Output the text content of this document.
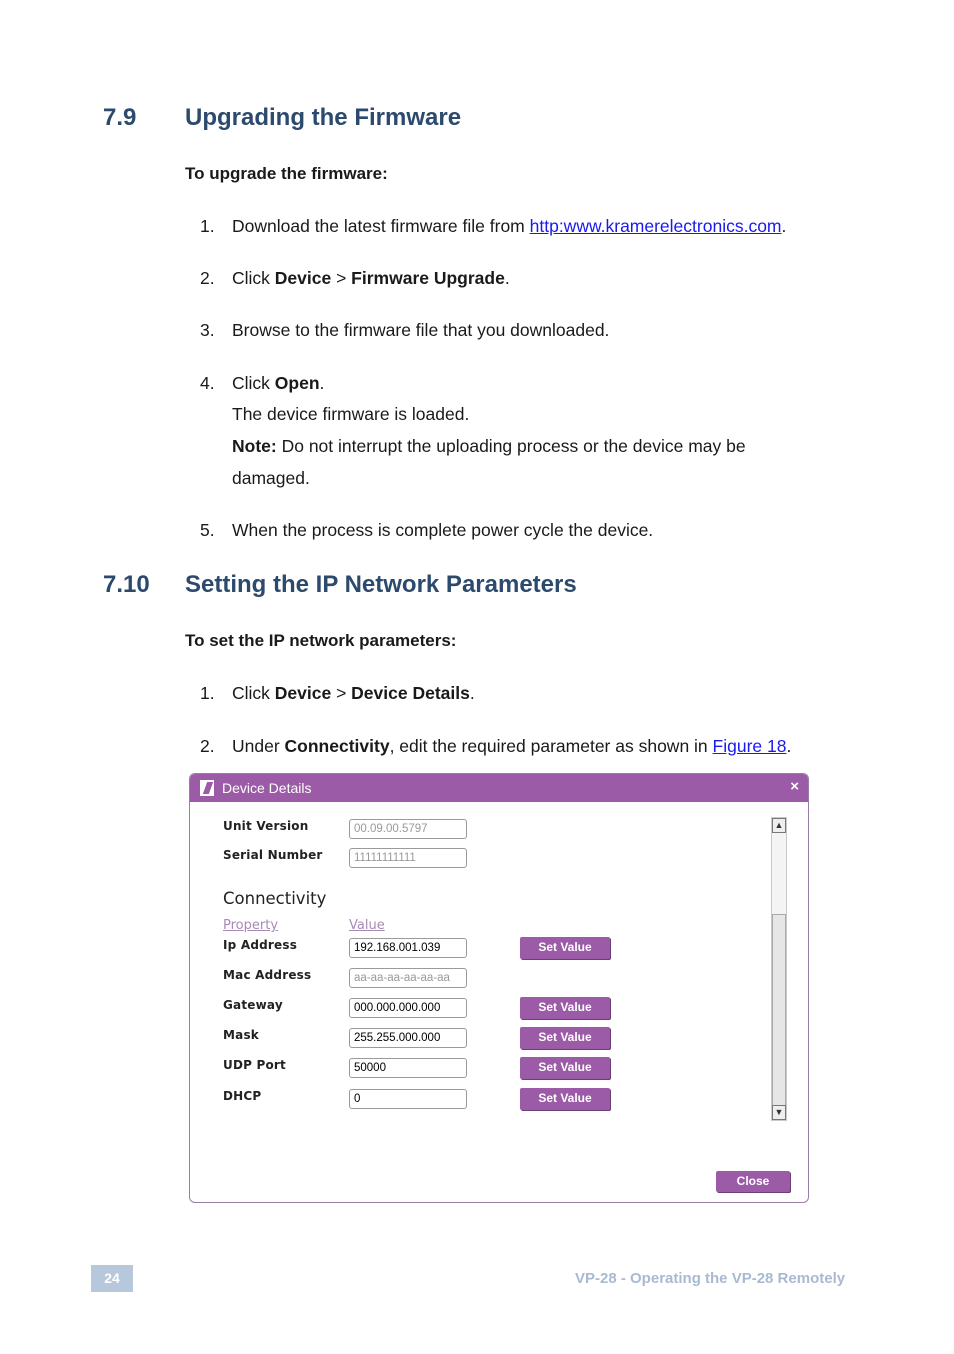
7.9 Upgrading the Firmware
To upgrade the firmware:
1. Download the latest firmware file from http:www.kramerelectronics.com.
2. Click Device > Firmware Upgrade.
3. Browse to the firmware file that you downloaded.
4. Click Open.
The device firmware is loaded.
Note: Do not interrupt the uploading process or the device may be
damaged.
5. When the process is complete power cycle the device.
7.10 Setting the IP Network Parameters
To set the IP network parameters:
1. Click Device > Device Details.
2. Under Connectivity, edit the required parameter as shown in Figure 18.
Device Details	×
Unit Version	00.09.00.5797
Serial Number	11111111111
Connectivity
Property	Value
Ip Address	192.168.001.039	Set Value
Mac Address	aa-aa-aa-aa-aa-aa
Gateway	000.000.000.000	Set Value
Mask	255.255.000.000	Set Value
UDP Port	50000	Set Value
DHCP	0	Set Value
▲
▼
Close
24	VP-28 - Operating the VP-28 Remotely
